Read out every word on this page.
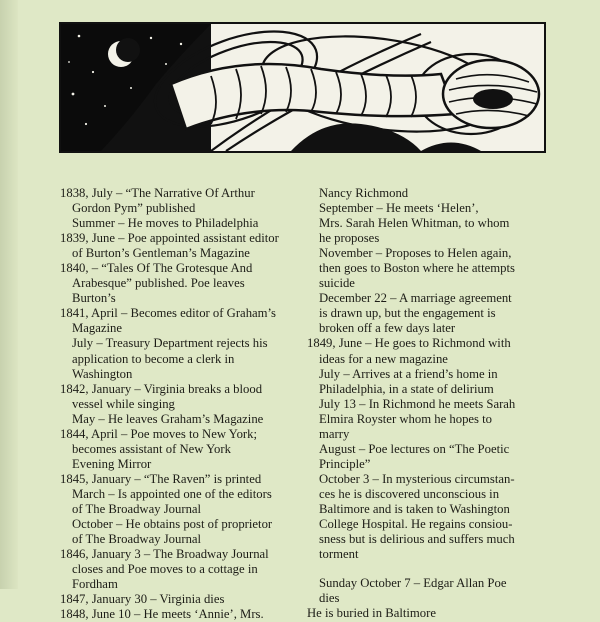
1838, July – “The Narrative Of Arthur
Gordon Pym” published
Summer – He moves to Philadelphia
1839, June – Poe appointed assistant editor
of Burton’s Gentleman’s Magazine
1840, – “Tales Of The Grotesque And
Arabesque” published. Poe leaves
Burton’s
1841, April – Becomes editor of Graham’s
Magazine
July – Treasury Department rejects his
application to become a clerk in
Washington
1842, January – Virginia breaks a blood
vessel while singing
May – He leaves Graham’s Magazine
1844, April – Poe moves to New York;
becomes assistant of New York
Evening Mirror
1845, January – “The Raven” is printed
March – Is appointed one of the editors
of The Broadway Journal
October – He obtains post of proprietor
of The Broadway Journal
1846, January 3 – The Broadway Journal
closes and Poe moves to a cottage in
Fordham
1847, January 30 – Virginia dies
1848, June 10 – He meets ‘Annie’, Mrs.
Nancy Richmond
September – He meets ‘Helen’,
Mrs. Sarah Helen Whitman, to whom
he proposes
November – Proposes to Helen again,
then goes to Boston where he attempts
suicide
December 22 – A marriage agreement
is drawn up, but the engagement is
broken off a few days later
1849, June – He goes to Richmond with
ideas for a new magazine
July – Arrives at a friend’s home in
Philadelphia, in a state of delirium
July 13 – In Richmond he meets Sarah
Elmira Royster whom he hopes to
marry
August – Poe lectures on “The Poetic
Principle”
October 3 – In mysterious circumstan-
ces he is discovered unconscious in
Baltimore and is taken to Washington
College Hospital. He regains consiou-
sness but is delirious and suffers much
torment
Sunday October 7 – Edgar Allan Poe
dies
He is buried in Baltimore
